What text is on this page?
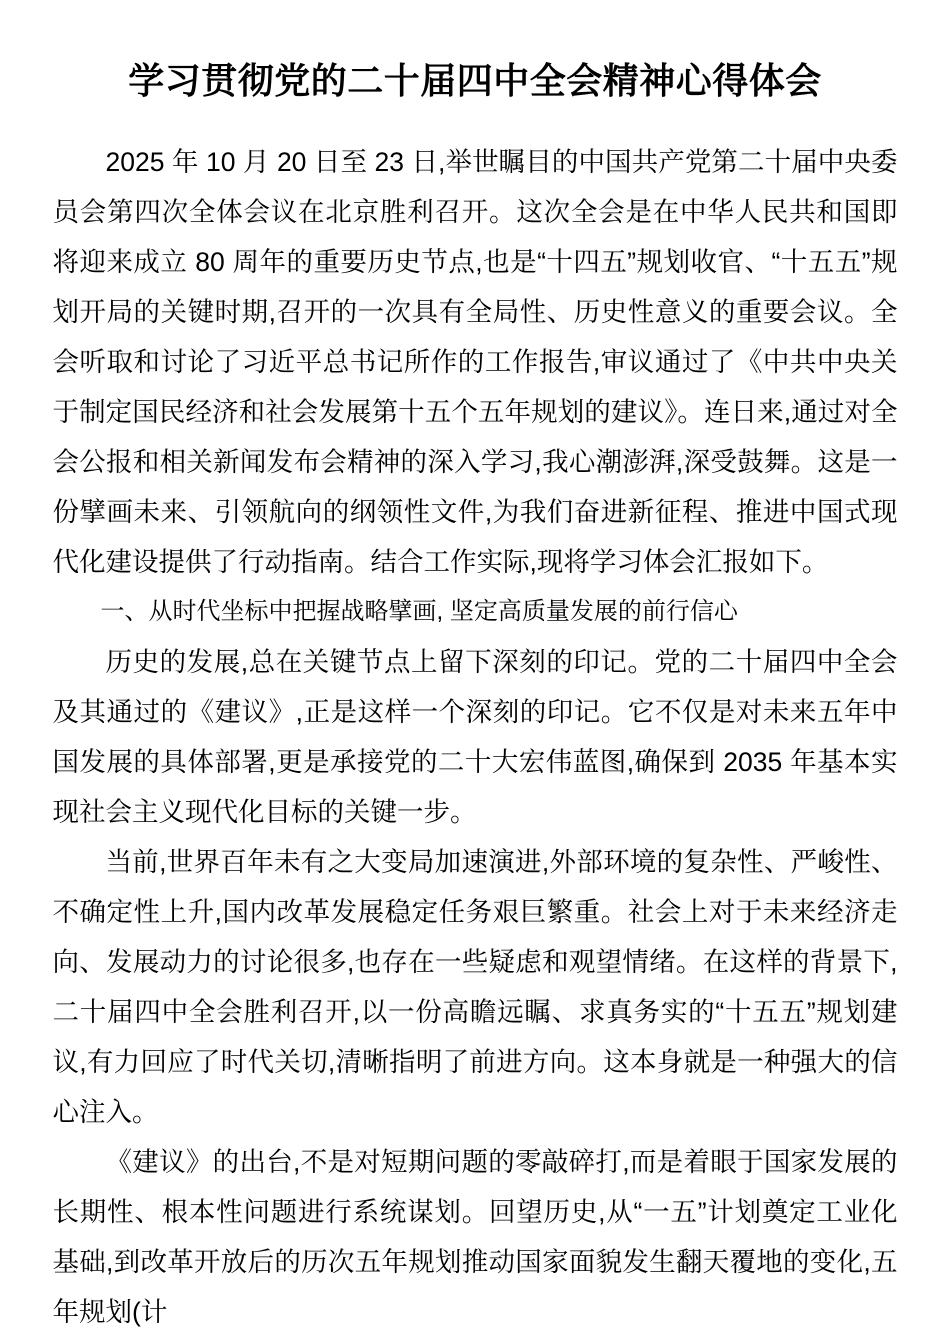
学习贯彻党的二十届四中全会精神心得体会

2025 年 10 月 20 日至 23 日,举世瞩目的中国共产党第二十届中央委员会第四次全体会议在北京胜利召开。这次全会是在中华人民共和国即将迎来成立 80 周年的重要历史节点,也是“十四五”规划收官、“十五五”规划开局的关键时期,召开的一次具有全局性、历史性意义的重要会议。全会听取和讨论了习近平总书记所作的工作报告,审议通过了《中共中央关于制定国民经济和社会发展第十五个五年规划的建议》。连日来,通过对全会公报和相关新闻发布会精神的深入学习,我心潮澎湃,深受鼓舞。这是一份擘画未来、引领航向的纲领性文件,为我们奋进新征程、推进中国式现代化建设提供了行动指南。结合工作实际,现将学习体会汇报如下。

一、从时代坐标中把握战略擘画, 坚定高质量发展的前行信心

历史的发展,总在关键节点上留下深刻的印记。党的二十届四中全会及其通过的《建议》,正是这样一个深刻的印记。它不仅是对未来五年中国发展的具体部署,更是承接党的二十大宏伟蓝图,确保到 2035 年基本实现社会主义现代化目标的关键一步。

当前,世界百年未有之大变局加速演进,外部环境的复杂性、严峻性、不确定性上升,国内改革发展稳定任务艰巨繁重。社会上对于未来经济走向、发展动力的讨论很多,也存在一些疑虑和观望情绪。在这样的背景下,二十届四中全会胜利召开,以一份高瞻远瞩、求真务实的“十五五”规划建议,有力回应了时代关切,清晰指明了前进方向。这本身就是一种强大的信心注入。

《建议》的出台,不是对短期问题的零敲碎打,而是着眼于国家发展的长期性、根本性问题进行系统谋划。回望历史,从“一五”计划奠定工业化基础,到改革开放后的历次五年规划推动国家面貌发生翻天覆地的变化,五年规划(计
